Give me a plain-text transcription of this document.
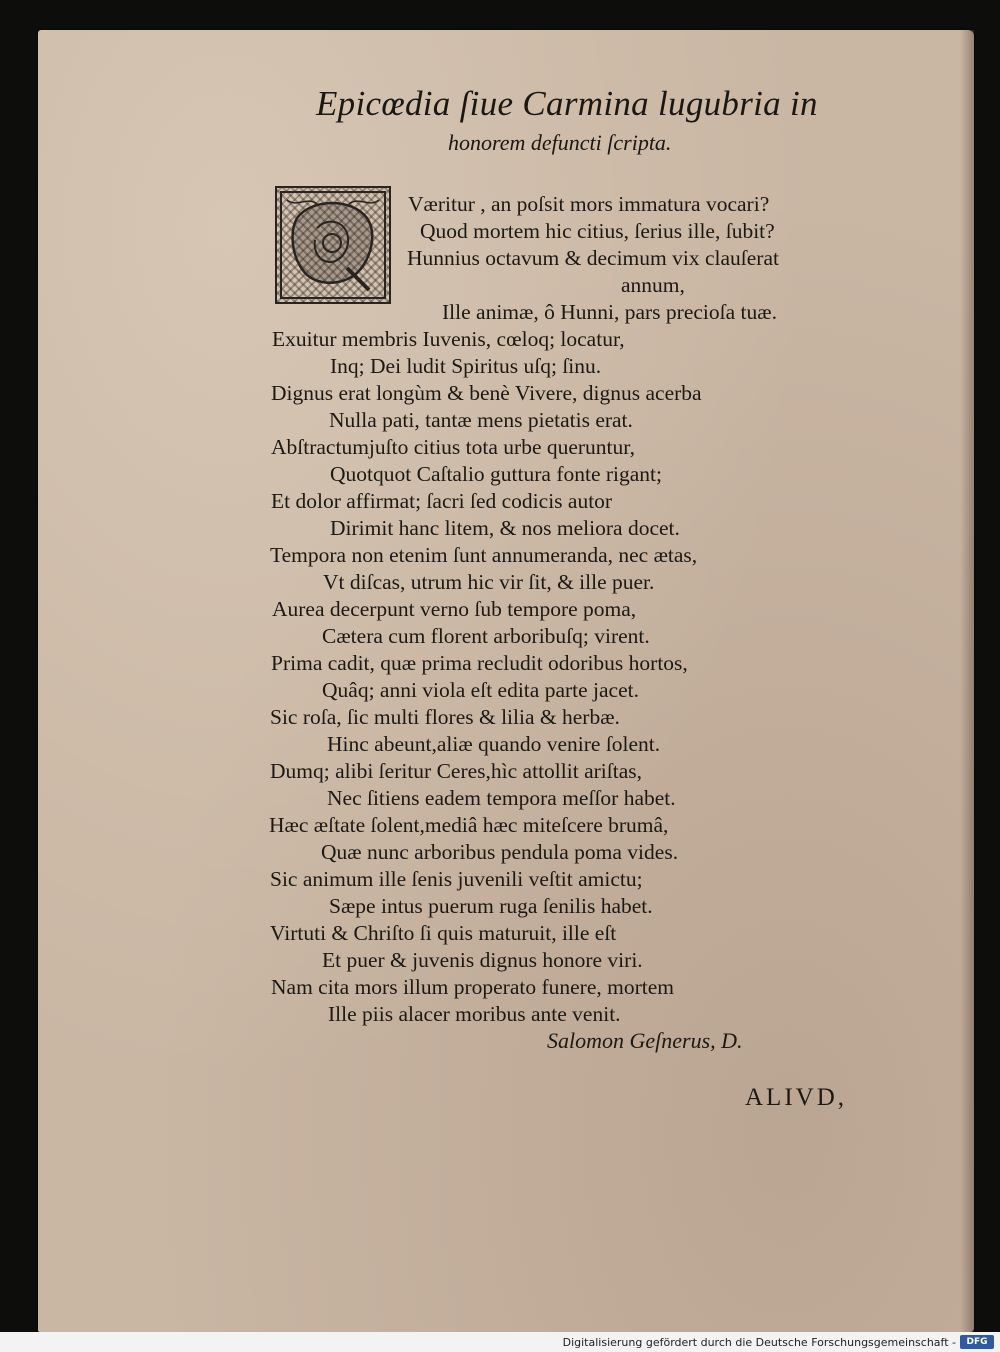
Epicœdia ſiue Carmina lugubria in
honorem defuncti ſcripta.
Væritur , an poſsit mors immatura vocari?
Quod mortem hic citius, ſerius ille, ſubit?
Hunnius octavum & decimum vix clauſerat
annum,
Ille animæ, ô Hunni, pars precioſa tuæ.
Exuitur membris Iuvenis, cœloq; locatur,
Inq; Dei ludit Spiritus uſq; ſinu.
Dignus erat longùm & benè Vivere, dignus acerba
Nulla pati, tantæ mens pietatis erat.
Abſtractumjuſto citius tota urbe queruntur,
Quotquot Caſtalio guttura fonte rigant;
Et dolor affirmat; ſacri ſed codicis autor
Dirimit hanc litem, & nos meliora docet.
Tempora non etenim ſunt annumeranda, nec ætas,
Vt diſcas, utrum hic vir ſit, & ille puer.
Aurea decerpunt verno ſub tempore poma,
Cætera cum florent arboribuſq; virent.
Prima cadit, quæ prima recludit odoribus hortos,
Quâq; anni viola eſt edita parte jacet.
Sic roſa, ſic multi flores & lilia & herbæ.
Hinc abeunt,aliæ quando venire ſolent.
Dumq; alibi ſeritur Ceres,hìc attollit ariſtas,
Nec ſitiens eadem tempora meſſor habet.
Hæc æſtate ſolent,mediâ hæc miteſcere brumâ,
Quæ nunc arboribus pendula poma vides.
Sic animum ille ſenis juvenili veſtit amictu;
Sæpe intus puerum ruga ſenilis habet.
Virtuti & Chriſto ſi quis maturuit, ille eſt
Et puer & juvenis dignus honore viri.
Nam cita mors illum properato funere, mortem
Ille piis alacer moribus ante venit.
Salomon Geſnerus, D.
ALIVD,
Digitalisierung gefördert durch die Deutsche Forschungsgemeinschaft -	DFG
